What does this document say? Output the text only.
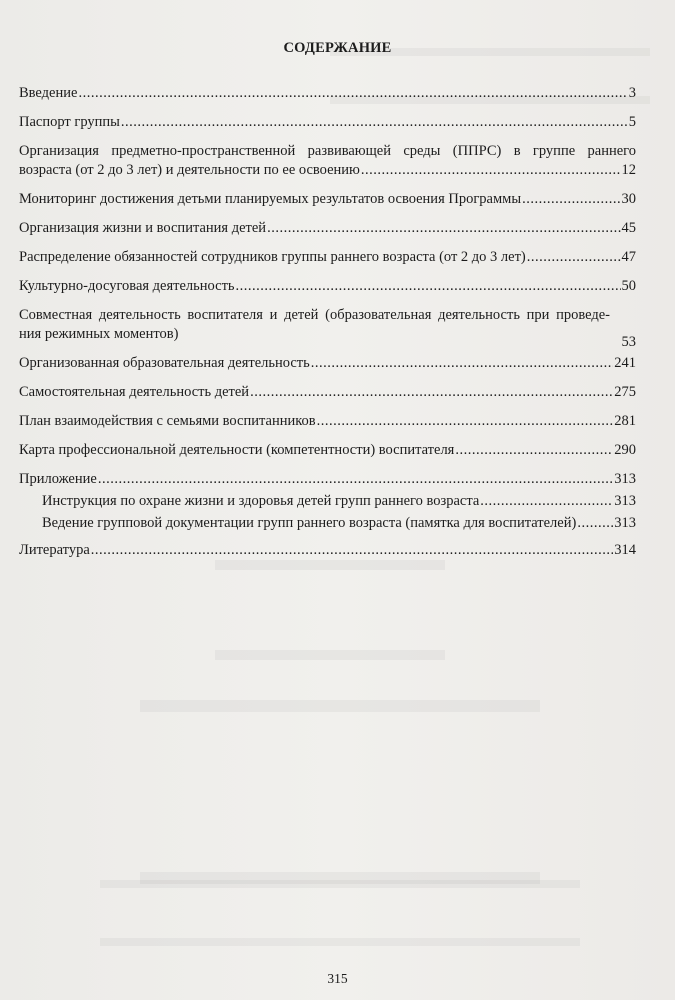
СОДЕРЖАНИЕ
Введение .....	3
Паспорт группы .....	5
Организация предметно-пространственной развивающей среды (ППРС) в группе раннего
возраста (от 2 до 3 лет) и деятельности по ее освоению .....	12
Мониторинг достижения детьми планируемых результатов освоения Программы .....	30
Организация жизни и воспитания детей .....	45
Распределение обязанностей сотрудников группы раннего возраста (от 2 до 3 лет) .....	47
Культурно-досуговая деятельность .....	50
Совместная деятельность воспитателя и детей (образовательная деятельность при проведе- ния режимных моментов)	53
Организованная образовательная деятельность .....	241
Самостоятельная деятельность детей .....	275
План взаимодействия с семьями воспитанников .....	281
Карта профессиональной деятельности (компетентности) воспитателя .....	290
Приложение .....	313
Инструкция по охране жизни и здоровья детей групп раннего возраста .....	313
Ведение групповой документации групп раннего возраста (памятка для воспитателей) .....	313
Литература .....	314
315
